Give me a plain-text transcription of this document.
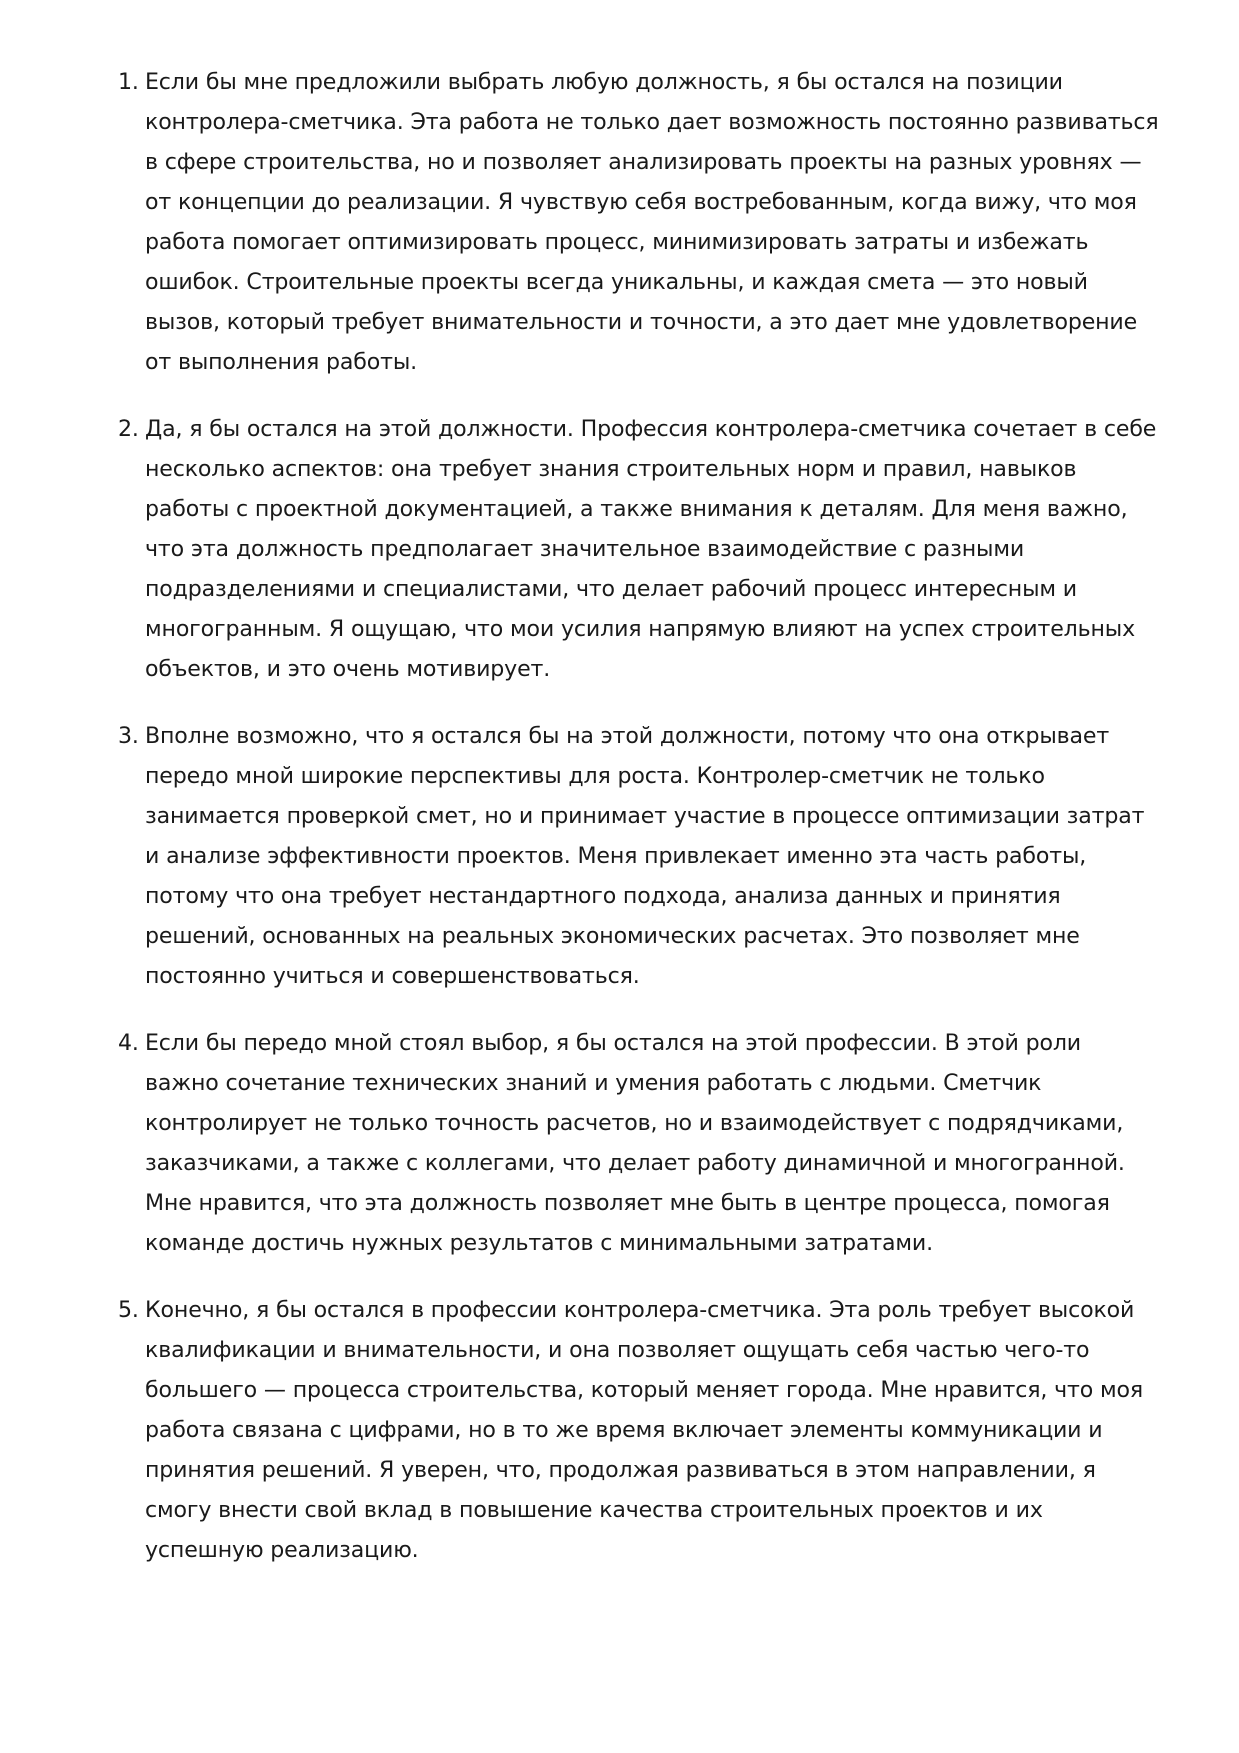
1. Если бы мне предложили выбрать любую должность, я бы остался на позиции контролера-сметчика. Эта работа не только дает возможность постоянно развиваться в сфере строительства, но и позволяет анализировать проекты на разных уровнях — от концепции до реализации. Я чувствую себя востребованным, когда вижу, что моя работа помогает оптимизировать процесс, минимизировать затраты и избежать ошибок. Строительные проекты всегда уникальны, и каждая смета — это новый вызов, который требует внимательности и точности, а это дает мне удовлетворение от выполнения работы.
2. Да, я бы остался на этой должности. Профессия контролера-сметчика сочетает в себе несколько аспектов: она требует знания строительных норм и правил, навыков работы с проектной документацией, а также внимания к деталям. Для меня важно, что эта должность предполагает значительное взаимодействие с разными подразделениями и специалистами, что делает рабочий процесс интересным и многогранным. Я ощущаю, что мои усилия напрямую влияют на успех строительных объектов, и это очень мотивирует.
3. Вполне возможно, что я остался бы на этой должности, потому что она открывает передо мной широкие перспективы для роста. Контролер-сметчик не только занимается проверкой смет, но и принимает участие в процессе оптимизации затрат и анализе эффективности проектов. Меня привлекает именно эта часть работы, потому что она требует нестандартного подхода, анализа данных и принятия решений, основанных на реальных экономических расчетах. Это позволяет мне постоянно учиться и совершенствоваться.
4. Если бы передо мной стоял выбор, я бы остался на этой профессии. В этой роли важно сочетание технических знаний и умения работать с людьми. Сметчик контролирует не только точность расчетов, но и взаимодействует с подрядчиками, заказчиками, а также с коллегами, что делает работу динамичной и многогранной. Мне нравится, что эта должность позволяет мне быть в центре процесса, помогая команде достичь нужных результатов с минимальными затратами.
5. Конечно, я бы остался в профессии контролера-сметчика. Эта роль требует высокой квалификации и внимательности, и она позволяет ощущать себя частью чего-то большего — процесса строительства, который меняет города. Мне нравится, что моя работа связана с цифрами, но в то же время включает элементы коммуникации и принятия решений. Я уверен, что, продолжая развиваться в этом направлении, я смогу внести свой вклад в повышение качества строительных проектов и их успешную реализацию.
